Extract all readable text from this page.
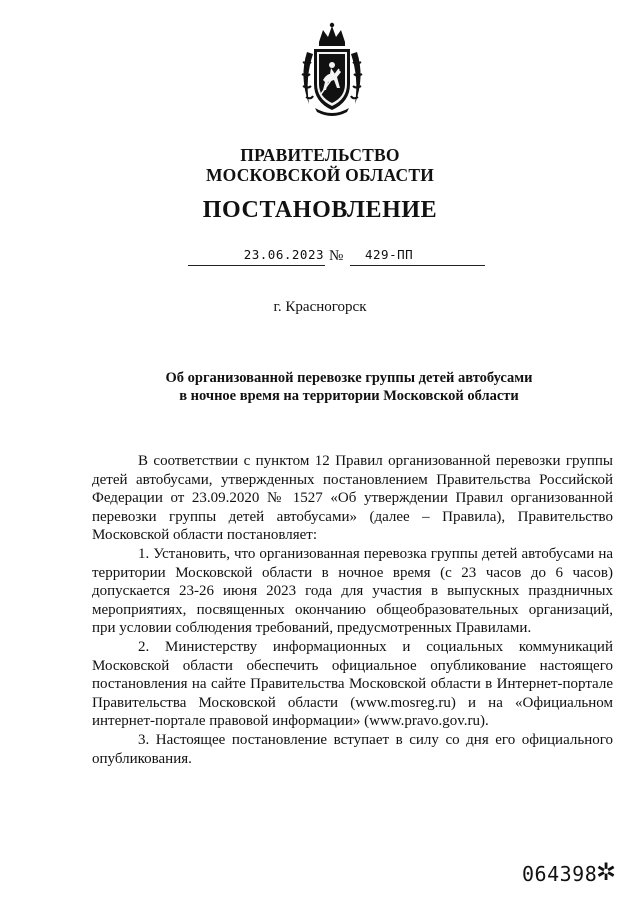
ПРАВИТЕЛЬСТВО
МОСКОВСКОЙ ОБЛАСТИ
ПОСТАНОВЛЕНИЕ
23.06.2023 № 429-ПП
г. Красногорск
Об организованной перевозке группы детей автобусами
в ночное время на территории Московской области

В соответствии с пунктом 12 Правил организованной перевозки группы детей автобусами, утвержденных постановлением Правительства Российской Федерации от 23.09.2020 № 1527 «Об утверждении Правил организованной перевозки группы детей автобусами» (далее – Правила), Правительство Московской области постановляет:

1. Установить, что организованная перевозка группы детей автобусами на территории Московской области в ночное время (с 23 часов до 6 часов) допускается 23-26 июня 2023 года для участия в выпускных праздничных мероприятиях, посвященных окончанию общеобразовательных организаций, при условии соблюдения требований, предусмотренных Правилами.

2. Министерству информационных и социальных коммуникаций Московской области обеспечить официальное опубликование настоящего постановления на сайте Правительства Московской области в Интернет-портале Правительства Московской области (www.mosreg.ru) и на «Официальном интернет-портале правовой информации» (www.pravo.gov.ru).

3. Настоящее постановление вступает в силу со дня его официального опубликования.

064398
✲
